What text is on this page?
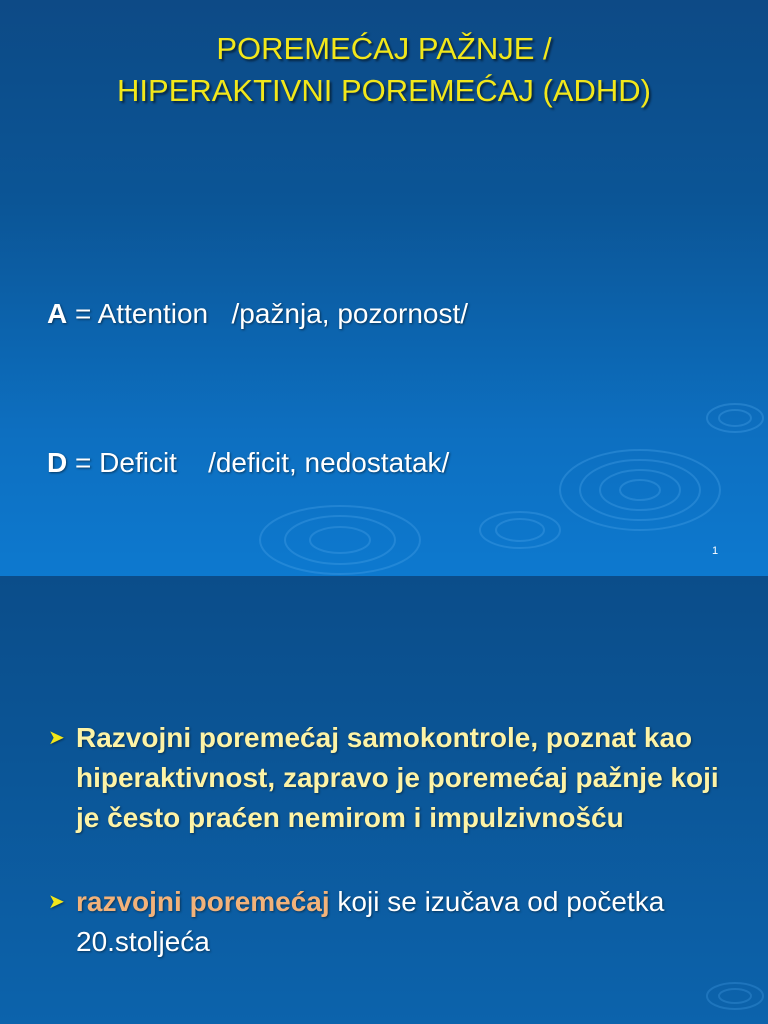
POREMEĆAJ PAŽNJE /
HIPERAKTIVNI POREMEĆAJ (ADHD)

A = Attention   /pažnja, pozornost/

D = Deficit    /deficit, nedostatak/

1
➤ Razvojni poremećaj samokontrole, poznat kao hiperaktivnost, zapravo je poremećaj pažnje koji je često praćen nemirom i impulzivnošću
➤ razvojni poremećaj koji se izučava od početka 20.stoljeća
